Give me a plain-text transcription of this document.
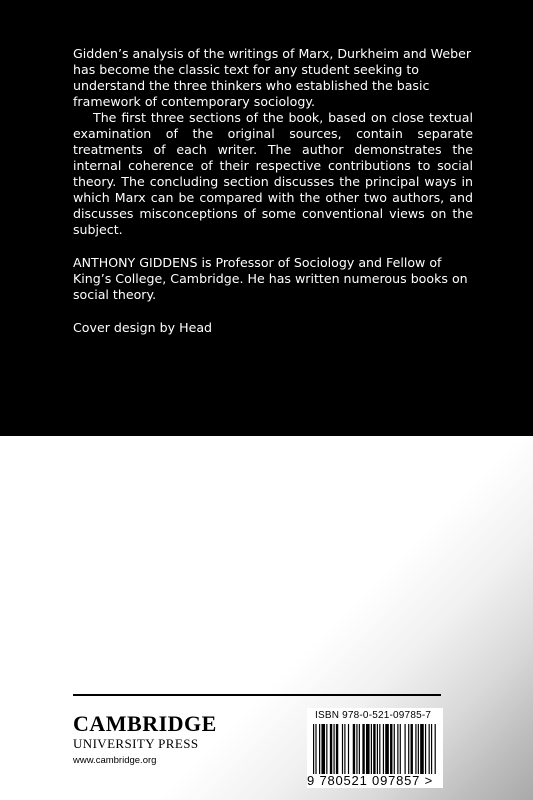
Gidden’s analysis of the writings of Marx, Durkheim and Weber has become the classic text for any student seeking to understand the three thinkers who established the basic framework of contemporary sociology.

The first three sections of the book, based on close textual examination of the original sources, contain separate treatments of each writer. The author demonstrates the internal coherence of their respective contributions to social theory. The concluding section discusses the principal ways in which Marx can be compared with the other two authors, and discusses misconceptions of some conventional views on the subject.

ANTHONY GIDDENS is Professor of Sociology and Fellow of King’s College, Cambridge. He has written numerous books on social theory.

Cover design by Head

CAMBRIDGE
UNIVERSITY PRESS
www.cambridge.org
ISBN 978-0-521-09785-7
9 780521 097857 >
